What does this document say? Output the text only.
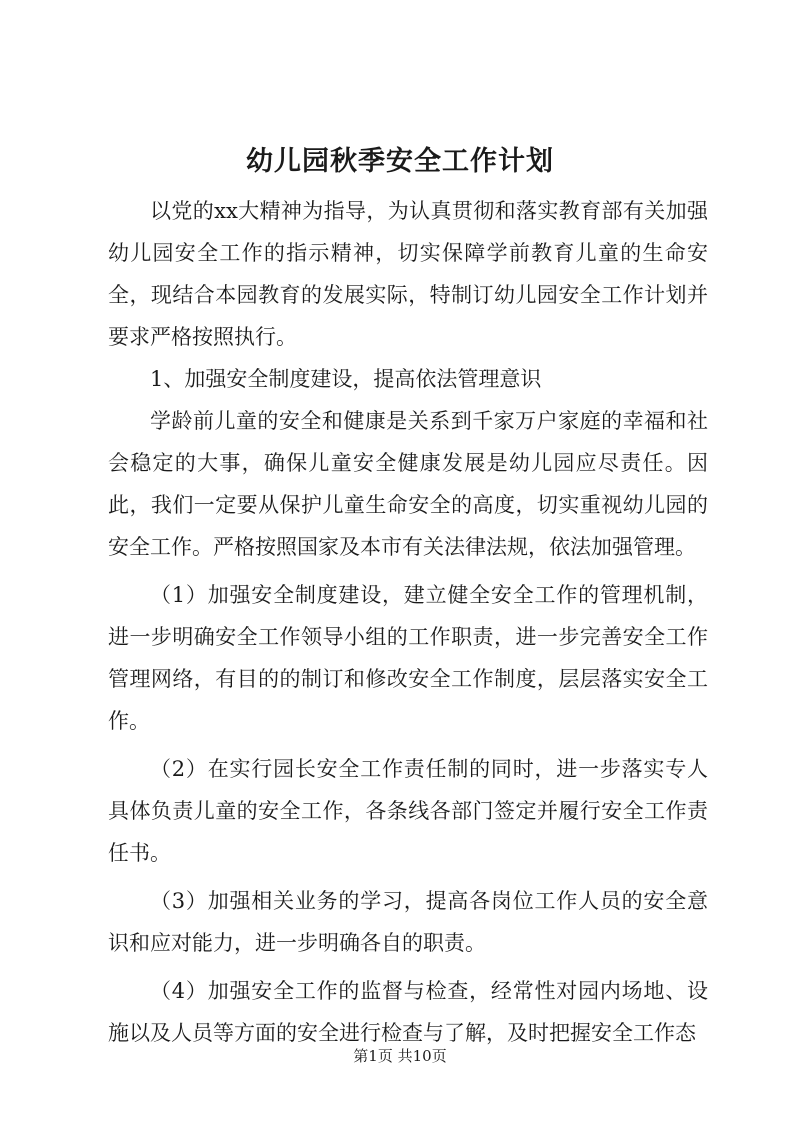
幼儿园秋季安全工作计划

以党的xx大精神为指导，为认真贯彻和落实教育部有关加强幼儿园安全工作的指示精神，切实保障学前教育儿童的生命安全，现结合本园教育的发展实际，特制订幼儿园安全工作计划并要求严格按照执行。

1、加强安全制度建设，提高依法管理意识

学龄前儿童的安全和健康是关系到千家万户家庭的幸福和社会稳定的大事，确保儿童安全健康发展是幼儿园应尽责任。因此，我们一定要从保护儿童生命安全的高度，切实重视幼儿园的安全工作。严格按照国家及本市有关法律法规，依法加强管理。

（1）加强安全制度建设，建立健全安全工作的管理机制，进一步明确安全工作领导小组的工作职责，进一步完善安全工作管理网络，有目的的制订和修改安全工作制度，层层落实安全工作。

（2）在实行园长安全工作责任制的同时，进一步落实专人具体负责儿童的安全工作，各条线各部门签定并履行安全工作责任书。

（3）加强相关业务的学习，提高各岗位工作人员的安全意识和应对能力，进一步明确各自的职责。

（4）加强安全工作的监督与检查，经常性对园内场地、设施以及人员等方面的安全进行检查与了解，及时把握安全工作态

第1页 共10页
